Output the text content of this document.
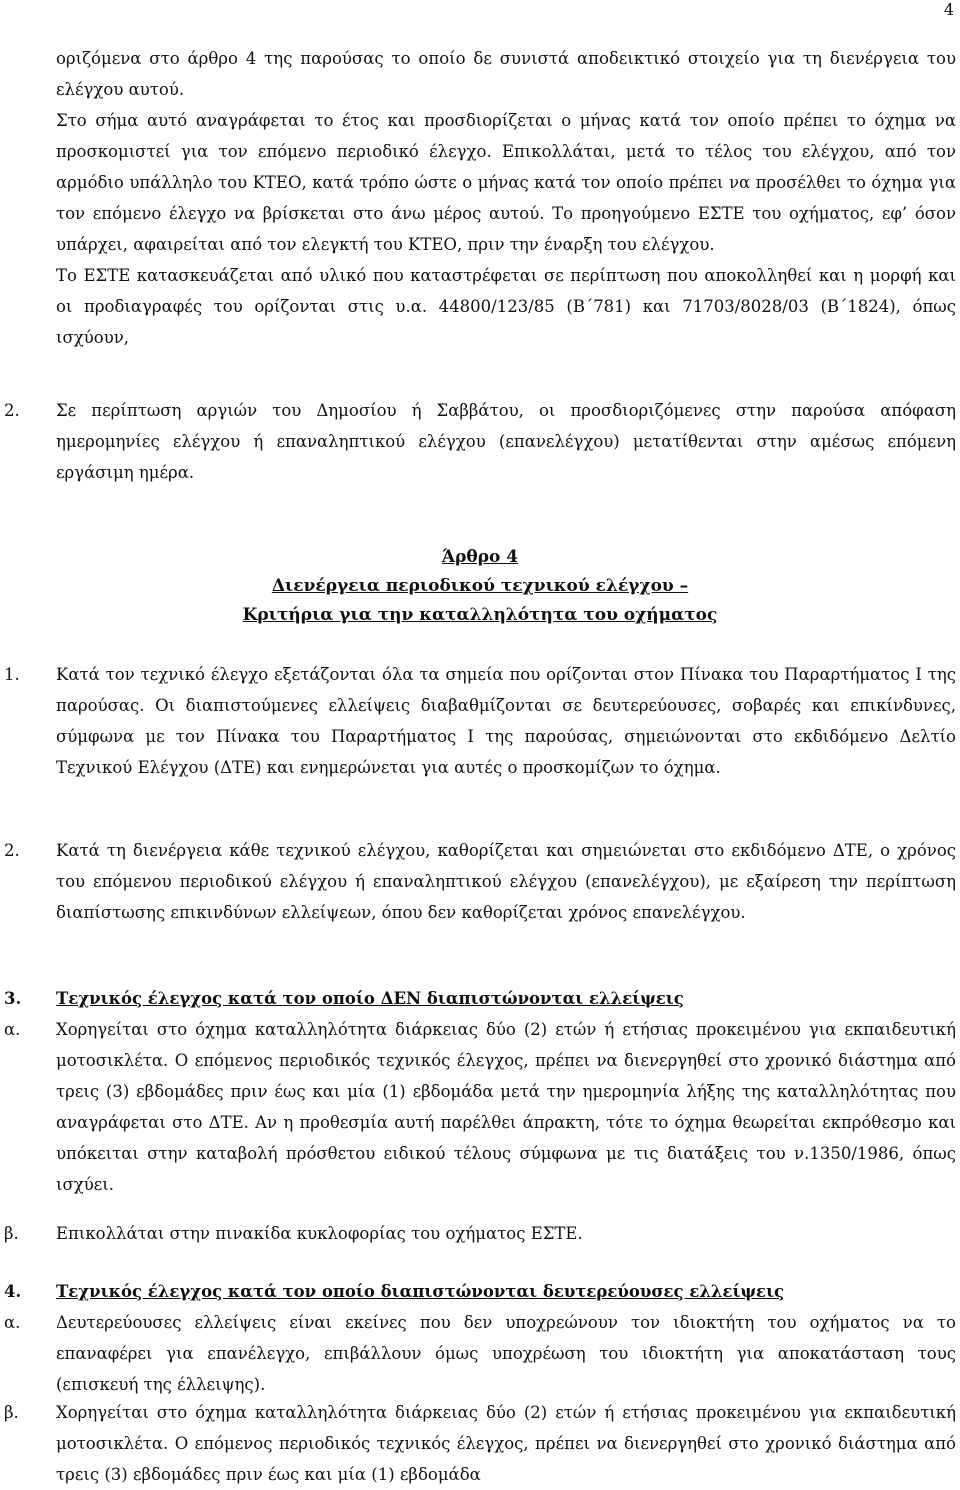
4

οριζόμενα στο άρθρο 4 της παρούσας το οποίο δε συνιστά αποδεικτικό στοιχείο για τη διενέργεια του ελέγχου αυτού.

Στο σήμα αυτό αναγράφεται το έτος και προσδιορίζεται ο μήνας κατά τον οποίο πρέπει το όχημα να προσκομιστεί για τον επόμενο περιοδικό έλεγχο. Επικολλάται, μετά το τέλος του ελέγχου, από τον αρμόδιο υπάλληλο του ΚΤΕΟ, κατά τρόπο ώστε ο μήνας κατά τον οποίο πρέπει να προσέλθει το όχημα για τον επόμενο έλεγχο να βρίσκεται στο άνω μέρος αυτού. Το προηγούμενο ΕΣΤΕ του οχήματος, εφ’ όσον υπάρχει, αφαιρείται από τον ελεγκτή του ΚΤΕΟ, πριν την έναρξη του ελέγχου.

Το ΕΣΤΕ κατασκευάζεται από υλικό που καταστρέφεται σε περίπτωση που αποκολληθεί και η μορφή και οι προδιαγραφές του ορίζονται στις υ.α. 44800/123/85 (Β΄781) και 71703/8028/03 (Β΄1824), όπως ισχύουν,

2. Σε περίπτωση αργιών του Δημοσίου ή Σαββάτου, οι προσδιοριζόμενες στην παρούσα απόφαση ημερομηνίες ελέγχου ή επαναληπτικού ελέγχου (επανελέγχου) μετατίθενται στην αμέσως επόμενη εργάσιμη ημέρα.
Άρθρο 4
Διενέργεια περιοδικού τεχνικού ελέγχου –
Κριτήρια για την καταλληλότητα του οχήματος
1. Κατά τον τεχνικό έλεγχο εξετάζονται όλα τα σημεία που ορίζονται στον Πίνακα του Παραρτήματος Ι της παρούσας. Οι διαπιστούμενες ελλείψεις διαβαθμίζονται σε δευτερεύουσες, σοβαρές και επικίνδυνες, σύμφωνα με τον Πίνακα του Παραρτήματος Ι της παρούσας, σημειώνονται στο εκδιδόμενο Δελτίο Τεχνικού Ελέγχου (ΔΤΕ) και ενημερώνεται για αυτές ο προσκομίζων το όχημα.
2. Κατά τη διενέργεια κάθε τεχνικού ελέγχου, καθορίζεται και σημειώνεται στο εκδιδόμενο ΔΤΕ, ο χρόνος του επόμενου περιοδικού ελέγχου ή επαναληπτικού ελέγχου (επανελέγχου), με εξαίρεση την περίπτωση διαπίστωσης επικινδύνων ελλείψεων, όπου δεν καθορίζεται χρόνος επανελέγχου.
3. Τεχνικός έλεγχος κατά τον οποίο ΔΕΝ διαπιστώνονται ελλείψεις
α. Χορηγείται στο όχημα καταλληλότητα διάρκειας δύο (2) ετών ή ετήσιας προκειμένου για εκπαιδευτική μοτοσικλέτα. Ο επόμενος περιοδικός τεχνικός έλεγχος, πρέπει να διενεργηθεί στο χρονικό διάστημα από τρεις (3) εβδομάδες πριν έως και μία (1) εβδομάδα μετά την ημερομηνία λήξης της καταλληλότητας που αναγράφεται στο ΔΤΕ. Αν η προθεσμία αυτή παρέλθει άπρακτη, τότε το όχημα θεωρείται εκπρόθεσμο και υπόκειται στην καταβολή πρόσθετου ειδικού τέλους σύμφωνα με τις διατάξεις του ν.1350/1986, όπως ισχύει.
β. Επικολλάται στην πινακίδα κυκλοφορίας του οχήματος ΕΣΤΕ.
4. Τεχνικός έλεγχος κατά τον οποίο διαπιστώνονται δευτερεύουσες ελλείψεις
α. Δευτερεύουσες ελλείψεις είναι εκείνες που δεν υποχρεώνουν τον ιδιοκτήτη του οχήματος να το επαναφέρει για επανέλεγχο, επιβάλλουν όμως υποχρέωση του ιδιοκτήτη για αποκατάσταση τους (επισκευή της έλλειψης).
β. Χορηγείται στο όχημα καταλληλότητα διάρκειας δύο (2) ετών ή ετήσιας προκειμένου για εκπαιδευτική μοτοσικλέτα. Ο επόμενος περιοδικός τεχνικός έλεγχος, πρέπει να διενεργηθεί στο χρονικό διάστημα από τρεις (3) εβδομάδες πριν έως και μία (1) εβδομάδα
